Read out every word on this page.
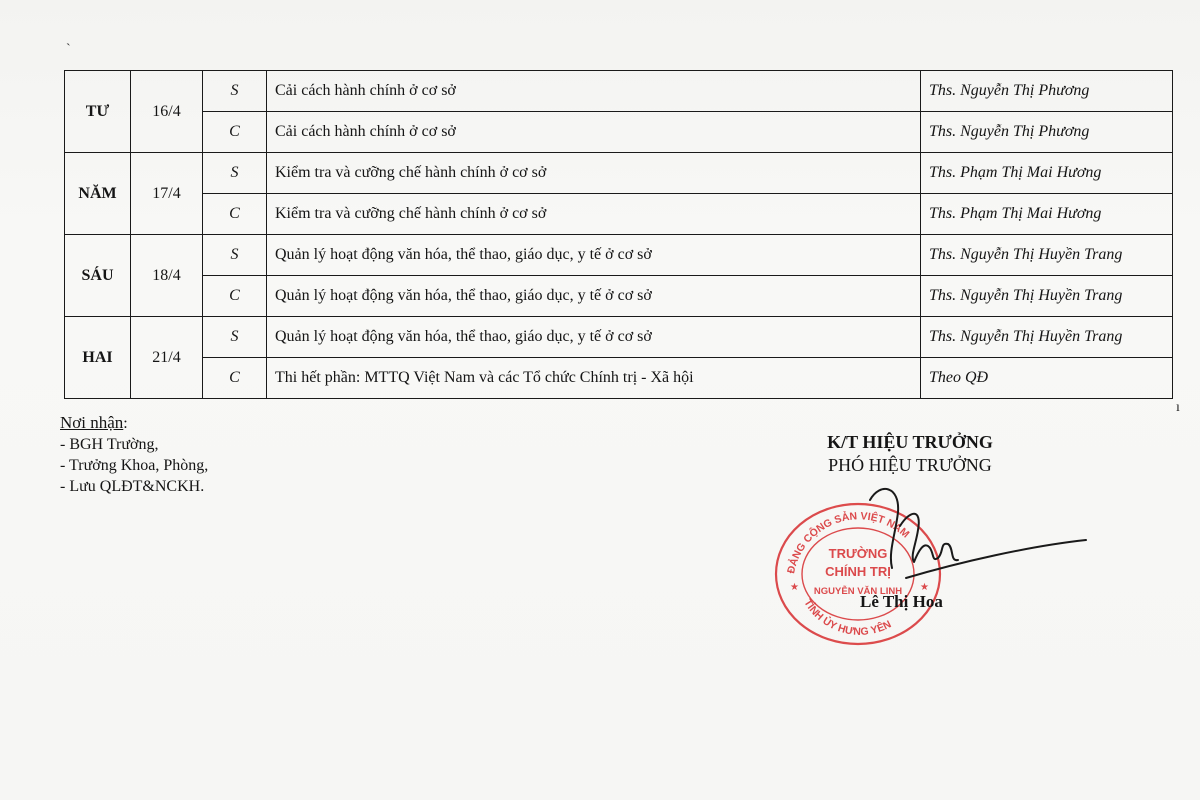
`
ı
TƯ	16/4	S	Cải cách hành chính ở cơ sở	Ths. Nguyễn Thị Phương
		C	Cải cách hành chính ở cơ sở	Ths. Nguyễn Thị Phương
NĂM	17/4	S	Kiểm tra và cưỡng chế hành chính ở cơ sở	Ths. Phạm Thị Mai Hương
		C	Kiểm tra và cưỡng chế hành chính ở cơ sở	Ths. Phạm Thị Mai Hương
SÁU	18/4	S	Quản lý hoạt động văn hóa, thể thao, giáo dục, y tế ở cơ sở	Ths. Nguyễn Thị Huyền Trang
		C	Quản lý hoạt động văn hóa, thể thao, giáo dục, y tế ở cơ sở	Ths. Nguyễn Thị Huyền Trang
HAI	21/4	S	Quản lý hoạt động văn hóa, thể thao, giáo dục, y tế ở cơ sở	Ths. Nguyễn Thị Huyền Trang
		C	Thi hết phần: MTTQ Việt Nam và các Tổ chức Chính trị - Xã hội	Theo QĐ
Nơi nhận:
- BGH Trường,
- Trưởng Khoa, Phòng,
- Lưu QLĐT&NCKH.
K/T HIỆU TRƯỞNG
PHÓ HIỆU TRƯỞNG
ĐẢNG CỘNG SẢN VIỆT NAM
TỈNH ỦY HƯNG YÊN
TRƯỜNG
CHÍNH TRỊ
NGUYỄN VĂN LINH
★	★
Lê Thị Hoa
